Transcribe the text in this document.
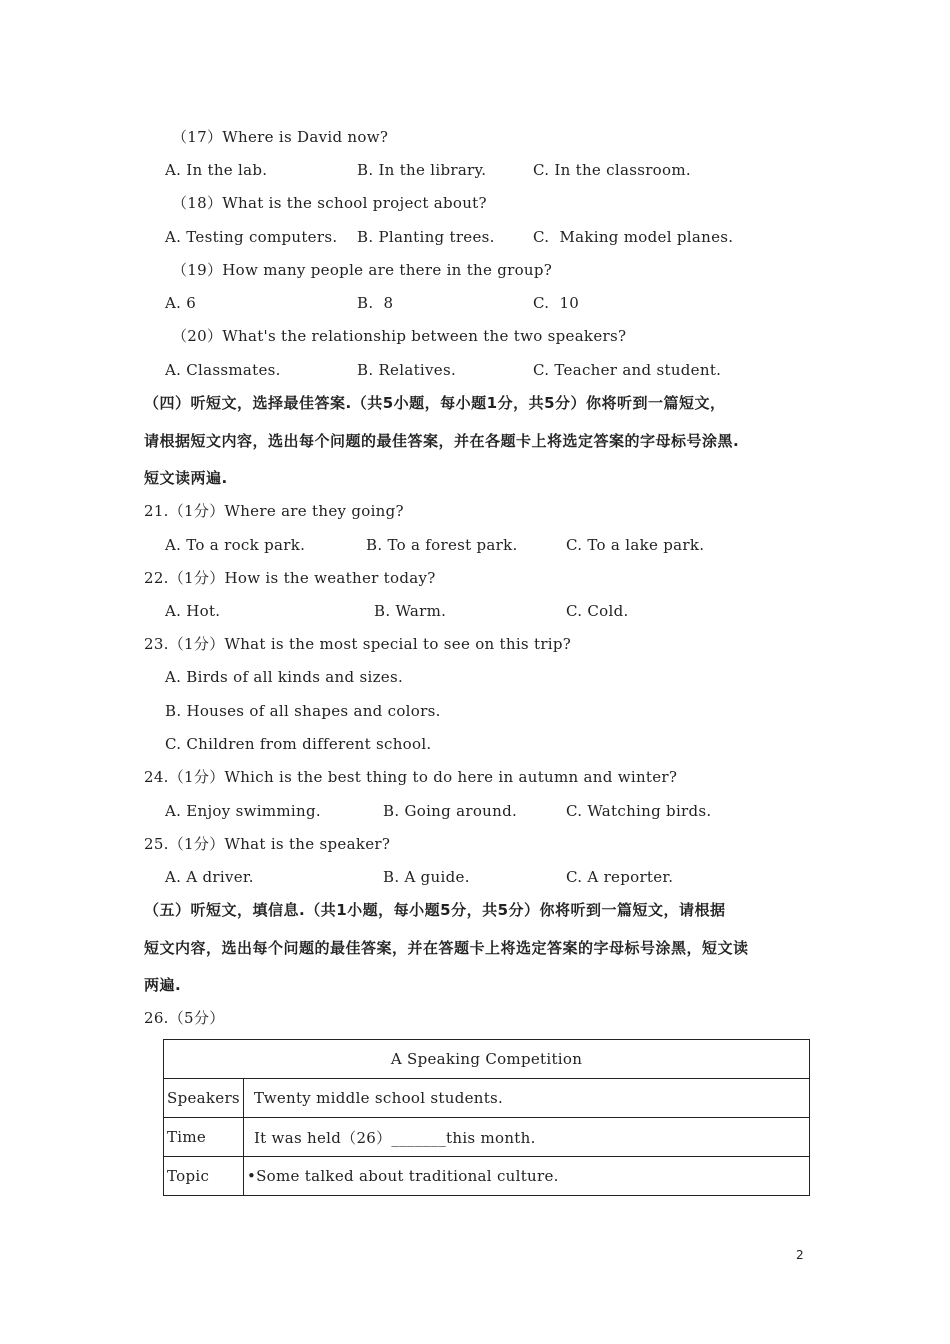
（17）Where is David now?
A. In the lab.	B. In the library.	C. In the classroom.
（18）What is the school project about?
A. Testing computers. B. Planting trees.	C.  Making model planes.
（19）How many people are there in the group?
A. 6	B.  8	C.  10
（20）What's the relationship between the two speakers?
A. Classmates.	B. Relatives.	C. Teacher and student.
（四）听短文，选择最佳答案.（共5小题，每小题1分，共5分）你将听到一篇短文，
请根据短文内容，选出每个问题的最佳答案，并在各题卡上将选定答案的字母标号涂黑.
短文读两遍.
21.（1分）Where are they going?
A. To a rock park.	B. To a forest park.	C. To a lake park.
22.（1分）How is the weather today?
A. Hot.	B. Warm.	C. Cold.
23.（1分）What is the most special to see on this trip?
A. Birds of all kinds and sizes.
B. Houses of all shapes and colors.
C. Children from different school.
24.（1分）Which is the best thing to do here in autumn and winter?
A. Enjoy swimming.	B. Going around.	C. Watching birds.
25.（1分）What is the speaker?
A. A driver.	B. A guide.	C. A reporter.
（五）听短文，填信息.（共1小题，每小题5分，共5分）你将听到一篇短文，请根据
短文内容，选出每个问题的最佳答案，并在答题卡上将选定答案的字母标号涂黑，短文读
两遍.
26.（5分）
A Speaking Competition	
Speakers	Twenty middle school students.
Time	It was held（26）_______this month.
Topic	•Some talked about traditional culture.
2
